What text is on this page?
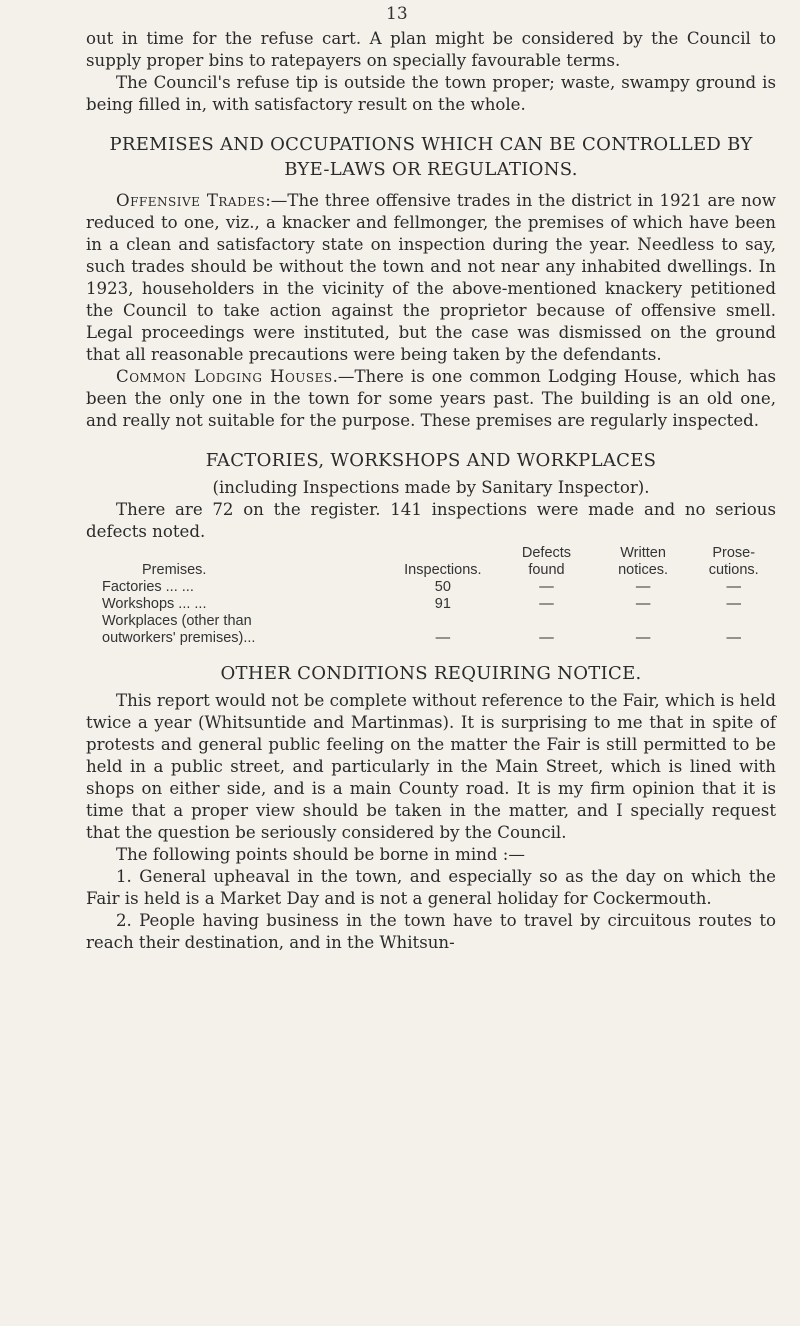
13

out in time for the refuse cart. A plan might be considered by the Council to supply proper bins to ratepayers on specially favourable terms.

The Council's refuse tip is outside the town proper; waste, swampy ground is being filled in, with satisfactory result on the whole.

PREMISES AND OCCUPATIONS WHICH CAN BE CONTROLLED BY BYE-LAWS OR REGULATIONS.

Offensive Trades:—The three offensive trades in the district in 1921 are now reduced to one, viz., a knacker and fellmonger, the premises of which have been in a clean and satisfactory state on inspection during the year. Needless to say, such trades should be without the town and not near any inhabited dwellings. In 1923, householders in the vicinity of the above-mentioned knackery petitioned the Council to take action against the proprietor because of offensive smell. Legal proceedings were instituted, but the case was dismissed on the ground that all reasonable precautions were being taken by the defendants.

Common Lodging Houses.—There is one common Lodging House, which has been the only one in the town for some years past. The building is an old one, and really not suitable for the purpose. These premises are regularly inspected.

FACTORIES, WORKSHOPS AND WORKPLACES

(including Inspections made by Sanitary Inspector).

There are 72 on the register. 141 inspections were made and no serious defects noted.

		Defects	Written	Prose-
Premises.	Inspections.	found	notices.	cutions.
Factories ... ...	50	—	—	—
Workshops ... ...	91	—	—	—
Workplaces (other than				
outworkers' premises)...	—	—	—	—
OTHER CONDITIONS REQUIRING NOTICE.

This report would not be complete without reference to the Fair, which is held twice a year (Whitsuntide and Martinmas). It is surprising to me that in spite of protests and general public feeling on the matter the Fair is still permitted to be held in a public street, and particularly in the Main Street, which is lined with shops on either side, and is a main County road. It is my firm opinion that it is time that a proper view should be taken in the matter, and I specially request that the question be seriously considered by the Council.

The following points should be borne in mind :—

1. General upheaval in the town, and especially so as the day on which the Fair is held is a Market Day and is not a general holiday for Cockermouth.

2. People having business in the town have to travel by circuitous routes to reach their destination, and in the Whitsun-
